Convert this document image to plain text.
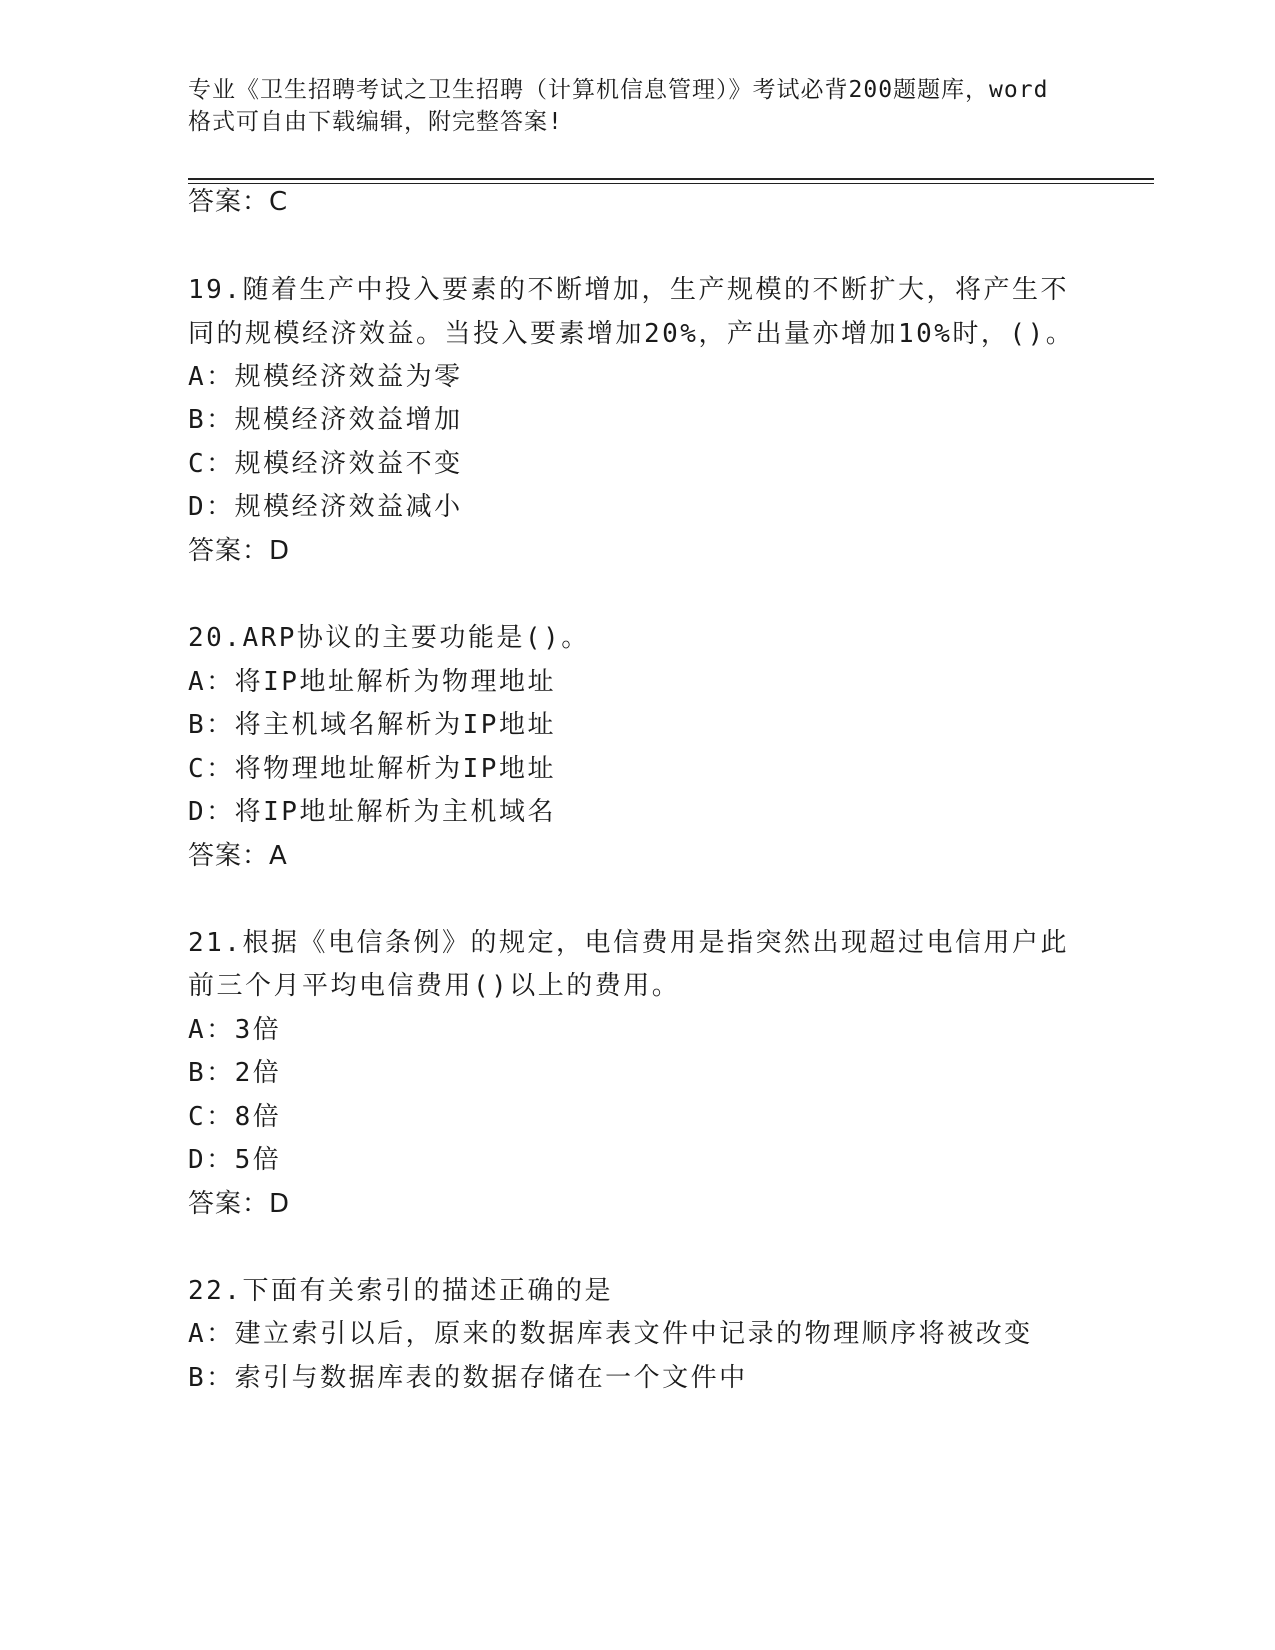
专业《卫生招聘考试之卫生招聘（计算机信息管理）》考试必背200题题库，word
格式可自由下载编辑，附完整答案!
答案：C
19.随着生产中投入要素的不断增加，生产规模的不断扩大，将产生不
同的规模经济效益。当投入要素增加20%，产出量亦增加10%时，()。
A：规模经济效益为零
B：规模经济效益增加
C：规模经济效益不变
D：规模经济效益减小
答案：D
20.ARP协议的主要功能是()。
A：将IP地址解析为物理地址
B：将主机域名解析为IP地址
C：将物理地址解析为IP地址
D：将IP地址解析为主机域名
答案：A
21.根据《电信条例》的规定，电信费用是指突然出现超过电信用户此
前三个月平均电信费用()以上的费用。
A：3倍
B：2倍
C：8倍
D：5倍
答案：D
22.下面有关索引的描述正确的是
A：建立索引以后，原来的数据库表文件中记录的物理顺序将被改变
B：索引与数据库表的数据存储在一个文件中
